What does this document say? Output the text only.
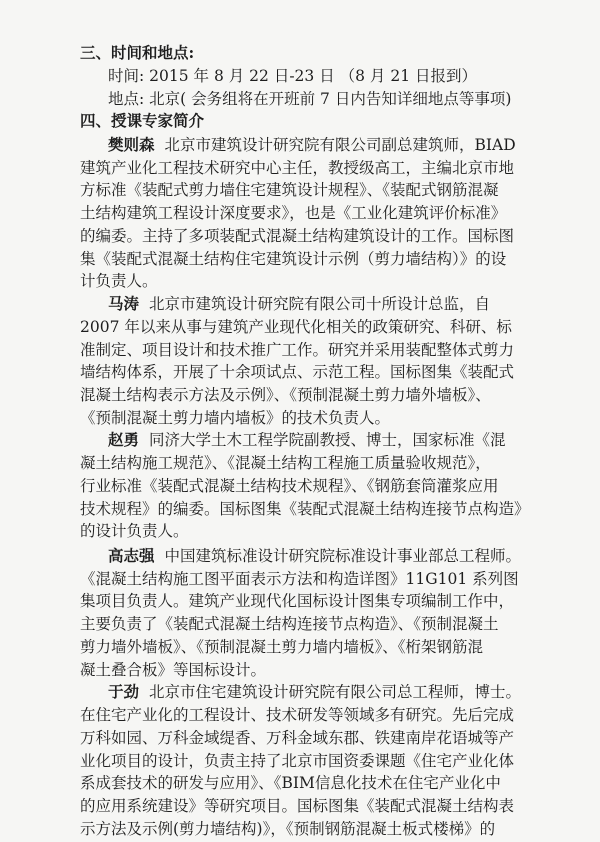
三、时间和地点:
时间: 2015 年 8 月 22 日-23 日 （8 月 21 日报到）
地点: 北京( 会务组将在开班前 7 日内告知详细地点等事项)
四、授课专家简介
樊则森 北京市建筑设计研究院有限公司副总建筑师，BIAD
建筑产业化工程技术研究中心主任，教授级高工，主编北京市地
方标准《装配式剪力墙住宅建筑设计规程》、《装配式钢筋混凝
土结构建筑工程设计深度要求》，也是《工业化建筑评价标准》
的编委。主持了多项装配式混凝土结构建筑设计的工作。国标图
集《装配式混凝土结构住宅建筑设计示例（剪力墙结构）》的设
计负责人。
马涛 北京市建筑设计研究院有限公司十所设计总监，自
2007 年以来从事与建筑产业现代化相关的政策研究、科研、标
准制定、项目设计和技术推广工作。研究并采用装配整体式剪力
墙结构体系，开展了十余项试点、示范工程。国标图集《装配式
混凝土结构表示方法及示例》、《预制混凝土剪力墙外墙板》、
《预制混凝土剪力墙内墙板》的技术负责人。
赵勇 同济大学土木工程学院副教授、博士，国家标准《混
凝土结构施工规范》、《混凝土结构工程施工质量验收规范》，
行业标准《装配式混凝土结构技术规程》、《钢筋套筒灌浆应用
技术规程》的编委。国标图集《装配式混凝土结构连接节点构造》
的设计负责人。
高志强 中国建筑标准设计研究院标准设计事业部总工程师。
《混凝土结构施工图平面表示方法和构造详图》11G101 系列图
集项目负责人。建筑产业现代化国标设计图集专项编制工作中，
主要负责了《装配式混凝土结构连接节点构造》、《预制混凝土
剪力墙外墙板》、《预制混凝土剪力墙内墙板》、《桁架钢筋混
凝土叠合板》等国标设计。
于劲 北京市住宅建筑设计研究院有限公司总工程师，博士。
在住宅产业化的工程设计、技术研发等领域多有研究。先后完成
万科如园、万科金域缇香、万科金域东郡、铁建南岸花语城等产
业化项目的设计，负责主持了北京市国资委课题《住宅产业化体
系成套技术的研发与应用》、《BIM信息化技术在住宅产业化中
的应用系统建设》等研究项目。国标图集《装配式混凝土结构表
示方法及示例(剪力墙结构)》，《预制钢筋混凝土板式楼梯》的
